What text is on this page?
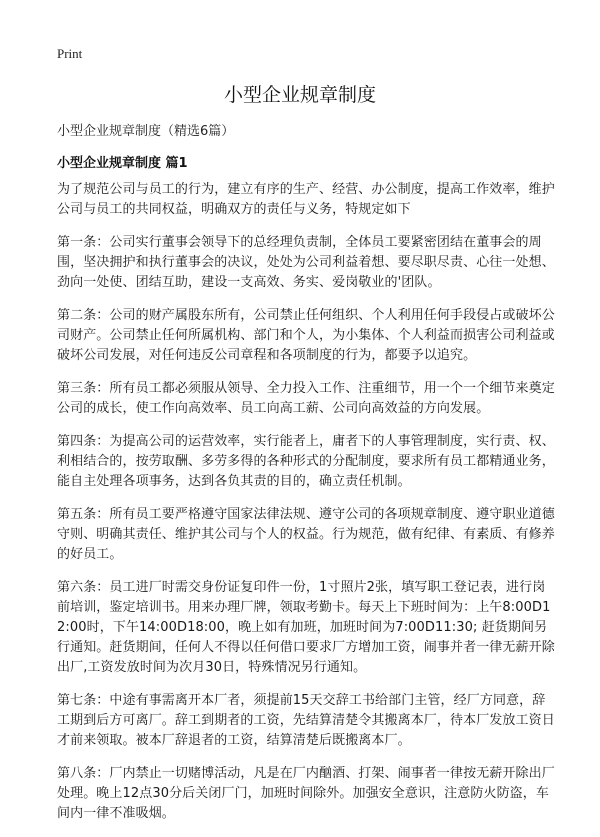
Print
小型企业规章制度
小型企业规章制度（精选6篇）
小型企业规章制度 篇1

为了规范公司与员工的行为，建立有序的生产、经营、办公制度，提高工作效率，维护公司与员工的共同权益，明确双方的责任与义务，特规定如下

第一条：公司实行董事会领导下的总经理负责制，全体员工要紧密团结在董事会的周围，坚决拥护和执行董事会的决议，处处为公司利益着想、要尽职尽责、心往一处想、劲向一处使、团结互助，建设一支高效、务实、爱岗敬业的'团队。

第二条：公司的财产属股东所有，公司禁止任何组织、个人利用任何手段侵占或破坏公司财产。公司禁止任何所属机构、部门和个人，为小集体、个人利益而损害公司利益或破坏公司发展，对任何违反公司章程和各项制度的行为，都要予以追究。

第三条：所有员工都必须服从领导、全力投入工作、注重细节，用一个一个细节来奠定公司的成长，使工作向高效率、员工向高工薪、公司向高效益的方向发展。

第四条：为提高公司的运营效率，实行能者上，庸者下的人事管理制度，实行责、权、利相结合的，按劳取酬、多劳多得的各种形式的分配制度，要求所有员工都精通业务，能自主处理各项事务，达到各负其责的目的，确立责任机制。

第五条：所有员工要严格遵守国家法律法规、遵守公司的各项规章制度、遵守职业道德守则、明确其责任、维护其公司与个人的权益。行为规范，做有纪律、有素质、有修养的好员工。

第六条：员工进厂时需交身份证复印件一份，1寸照片2张，填写职工登记表，进行岗前培训，鉴定培训书。用来办理厂牌，领取考勤卡。每天上下班时间为：上午8:00D12:00时，下午14:00D18:00，晚上如有加班，加班时间为7:00D11:30; 赶货期间另行通知。赶货期间，任何人不得以任何借口要求厂方增加工资，闹事并者一律无薪开除出厂,工资发放时间为次月30日，特殊情况另行通知。

第七条：中途有事需离开本厂者，须提前15天交辞工书给部门主管，经厂方同意，辞工期到后方可离厂。辞工到期者的工资，先结算清楚令其搬离本厂，待本厂发放工资日才前来领取。被本厂辞退者的工资，结算清楚后既搬离本厂。

第八条：厂内禁止一切赌博活动，凡是在厂内酗酒、打架、闹事者一律按无薪开除出厂处理。晚上12点30分后关闭厂门，加班时间除外。加强安全意识，注意防火防盗，车间内一律不准吸烟。
